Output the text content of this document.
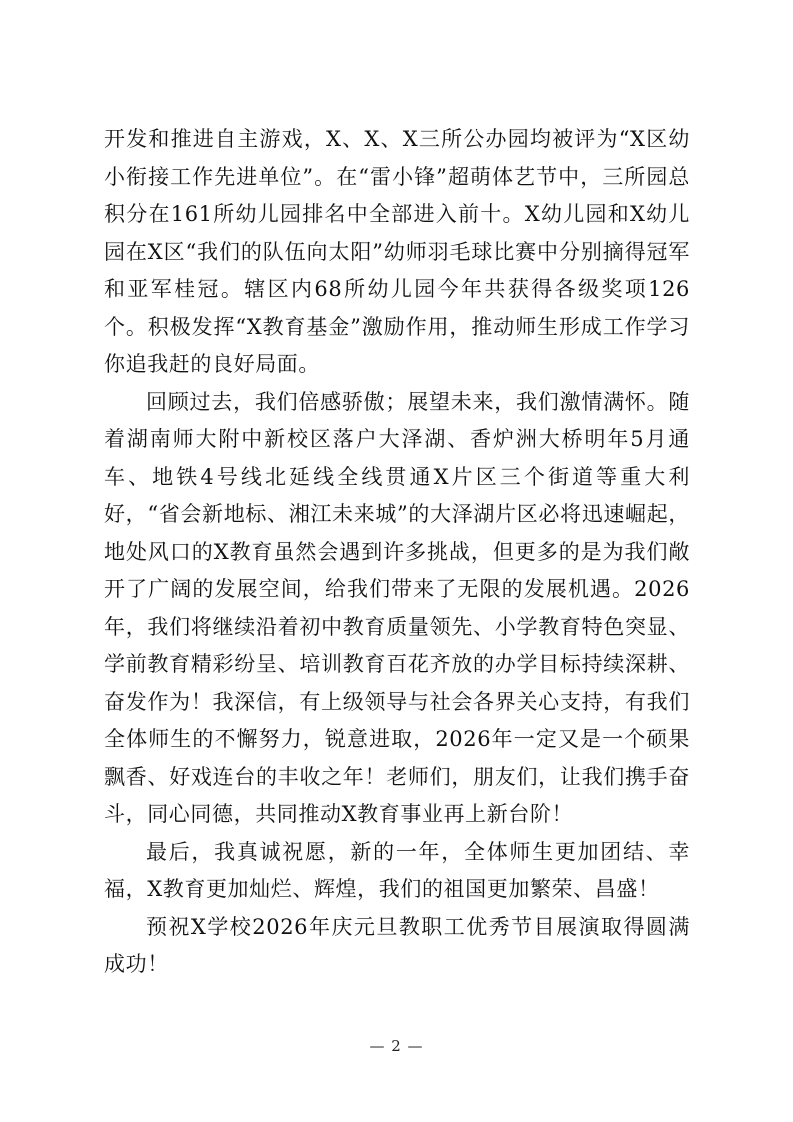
开发和推进自主游戏，X、X、X三所公办园均被评为“X区幼小衔接工作先进单位”。在“雷小锋”超萌体艺节中，三所园总积分在161所幼儿园排名中全部进入前十。X幼儿园和X幼儿园在X区“我们的队伍向太阳”幼师羽毛球比赛中分别摘得冠军和亚军桂冠。辖区内68所幼儿园今年共获得各级奖项126个。积极发挥“X教育基金”激励作用，推动师生形成工作学习你追我赶的良好局面。

回顾过去，我们倍感骄傲；展望未来，我们激情满怀。随着湖南师大附中新校区落户大泽湖、香炉洲大桥明年5月通车、地铁4号线北延线全线贯通X片区三个街道等重大利好，“省会新地标、湘江未来城”的大泽湖片区必将迅速崛起，地处风口的X教育虽然会遇到许多挑战，但更多的是为我们敞开了广阔的发展空间，给我们带来了无限的发展机遇。2026年，我们将继续沿着初中教育质量领先、小学教育特色突显、学前教育精彩纷呈、培训教育百花齐放的办学目标持续深耕、奋发作为！我深信，有上级领导与社会各界关心支持，有我们全体师生的不懈努力，锐意进取，2026年一定又是一个硕果飘香、好戏连台的丰收之年！老师们，朋友们，让我们携手奋斗，同心同德，共同推动X教育事业再上新台阶！

最后，我真诚祝愿，新的一年，全体师生更加团结、幸福，X教育更加灿烂、辉煌，我们的祖国更加繁荣、昌盛！

预祝X学校2026年庆元旦教职工优秀节目展演取得圆满成功！

— 2 —
